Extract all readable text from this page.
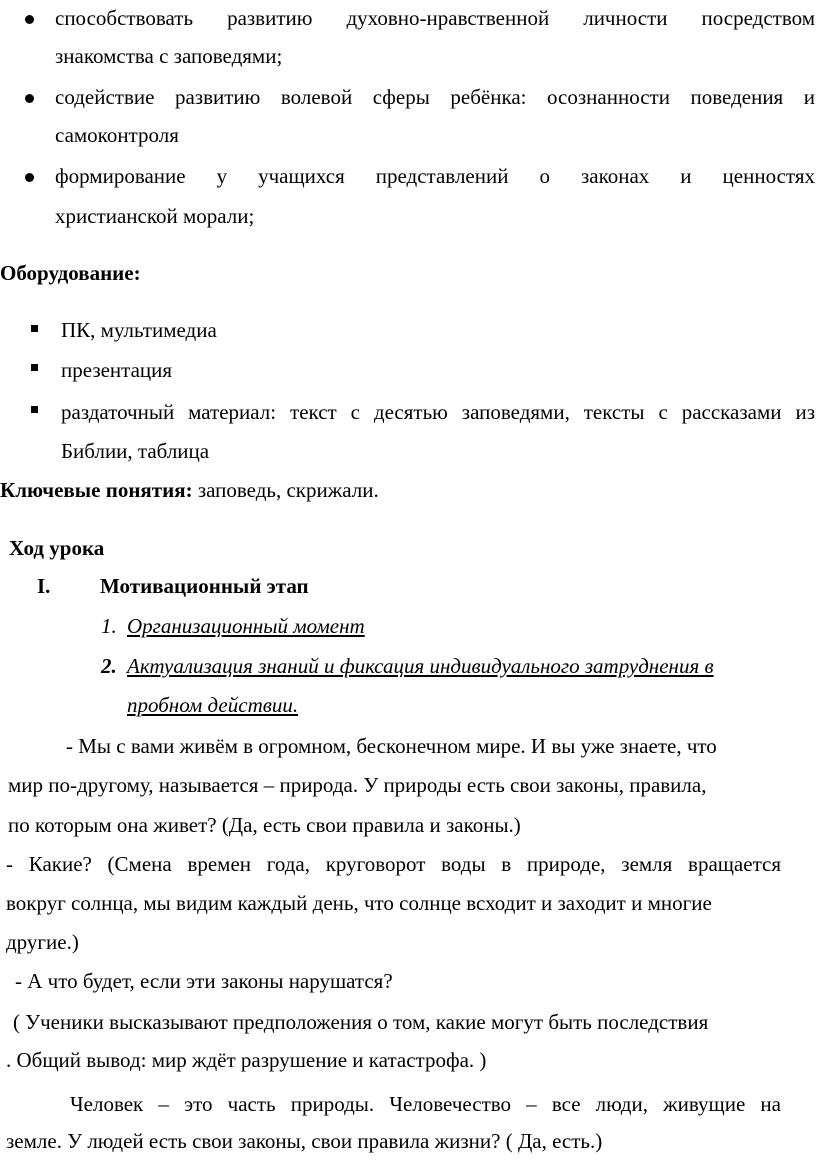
способствовать развитию духовно-нравственной личности посредством
знакомства с заповедями;
содействие развитию волевой сферы ребёнка: осознанности поведения и
самоконтроля
формирование у учащихся представлений о законах и ценностях
христианской морали;
Оборудование:
ПК, мультимедиа
презентация
раздаточный материал: текст с десятью заповедями, тексты с рассказами из
Библии, таблица
Ключевые понятия: заповедь, скрижали.
Ход урока
I. Мотивационный этап
1. Организационный момент
2. Актуализация знаний и фиксация индивидуального затруднения в
пробном действии.
- Мы с вами живём в огромном, бесконечном мире. И вы уже знаете, что
мир по-другому, называется – природа. У природы есть свои законы, правила,
по которым она живет? (Да, есть свои правила и законы.)
- Какие? (Смена времен года, круговорот воды в природе, земля вращается
вокруг солнца, мы видим каждый день, что солнце всходит и заходит и многие
другие.)
- А что будет, если эти законы нарушатся?
( Ученики высказывают предположения о том, какие могут быть последствия
. Общий вывод: мир ждёт разрушение и катастрофа. )
Человек – это часть природы. Человечество – все люди, живущие на
земле. У людей есть свои законы, свои правила жизни? ( Да, есть.)
